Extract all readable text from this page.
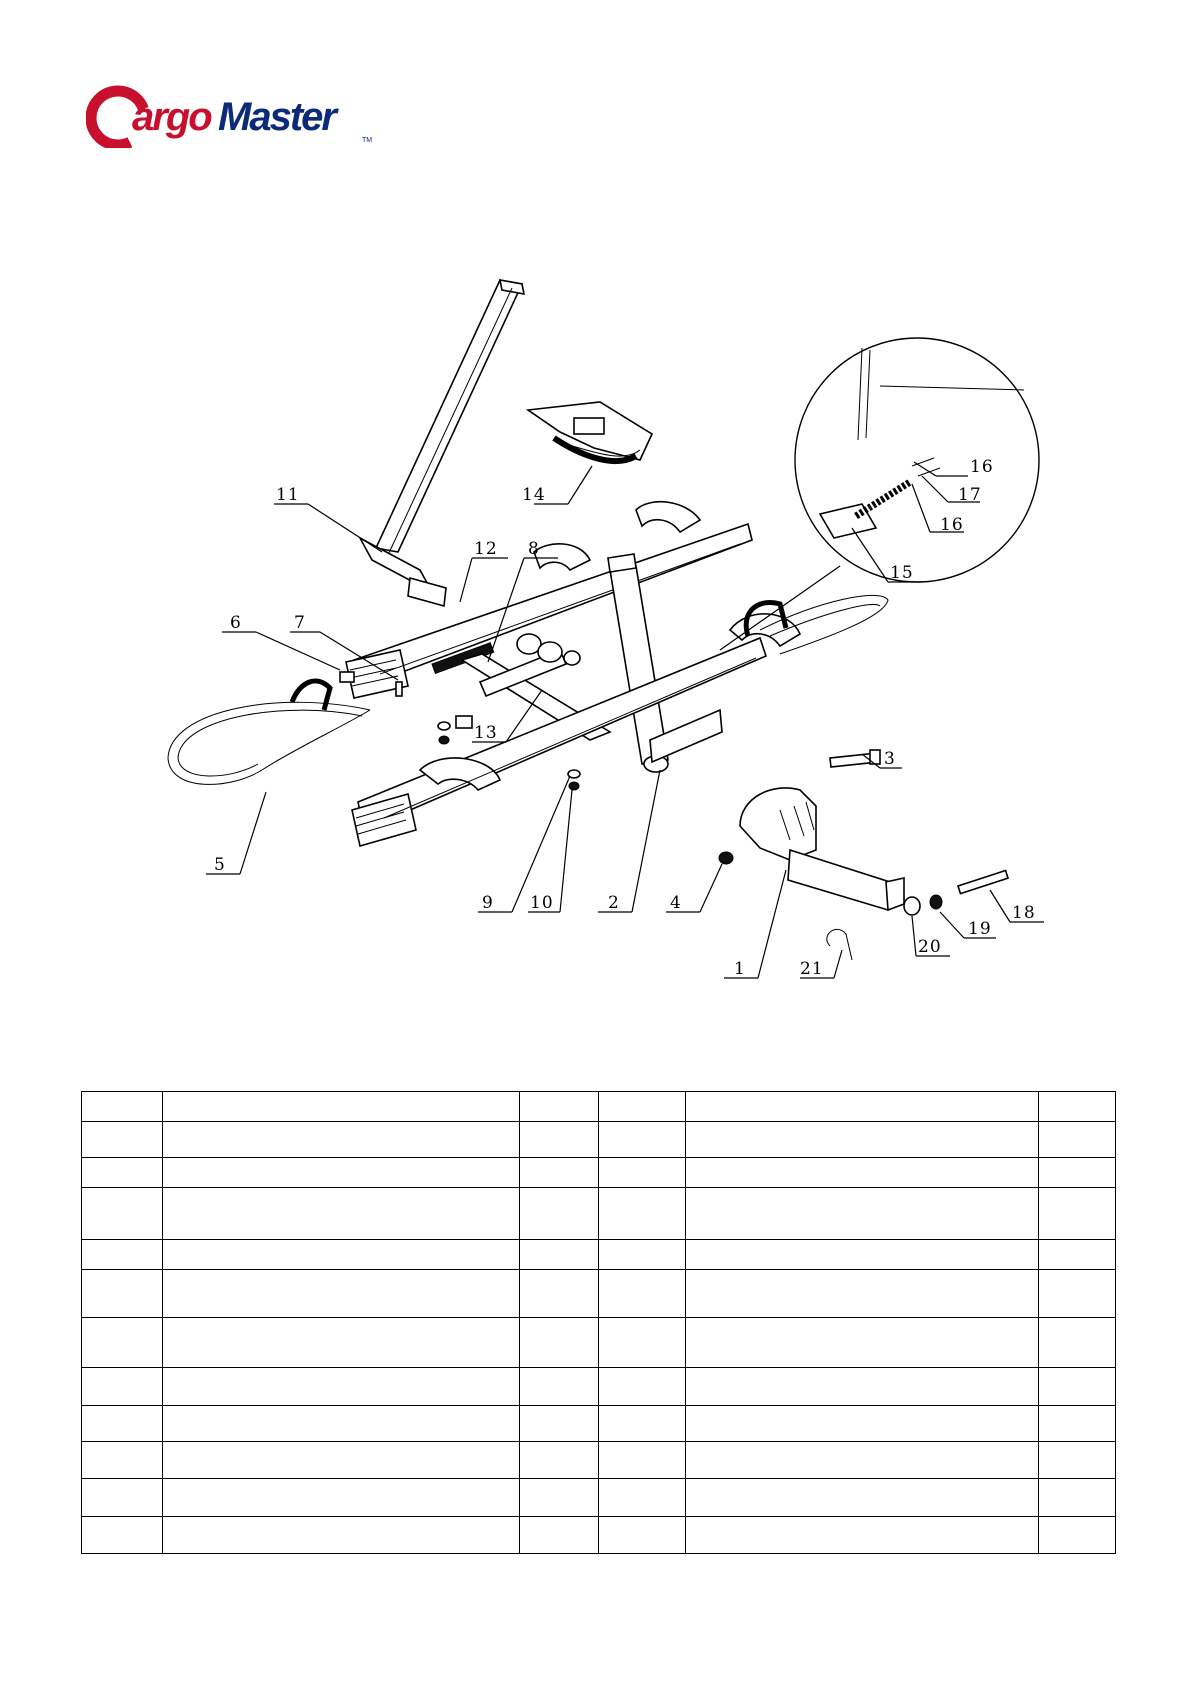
argo Master
TM
1
2
3
4
5
6	7
8
9 10
11
12
13
14
15
16
17
16
18
19
20
21
